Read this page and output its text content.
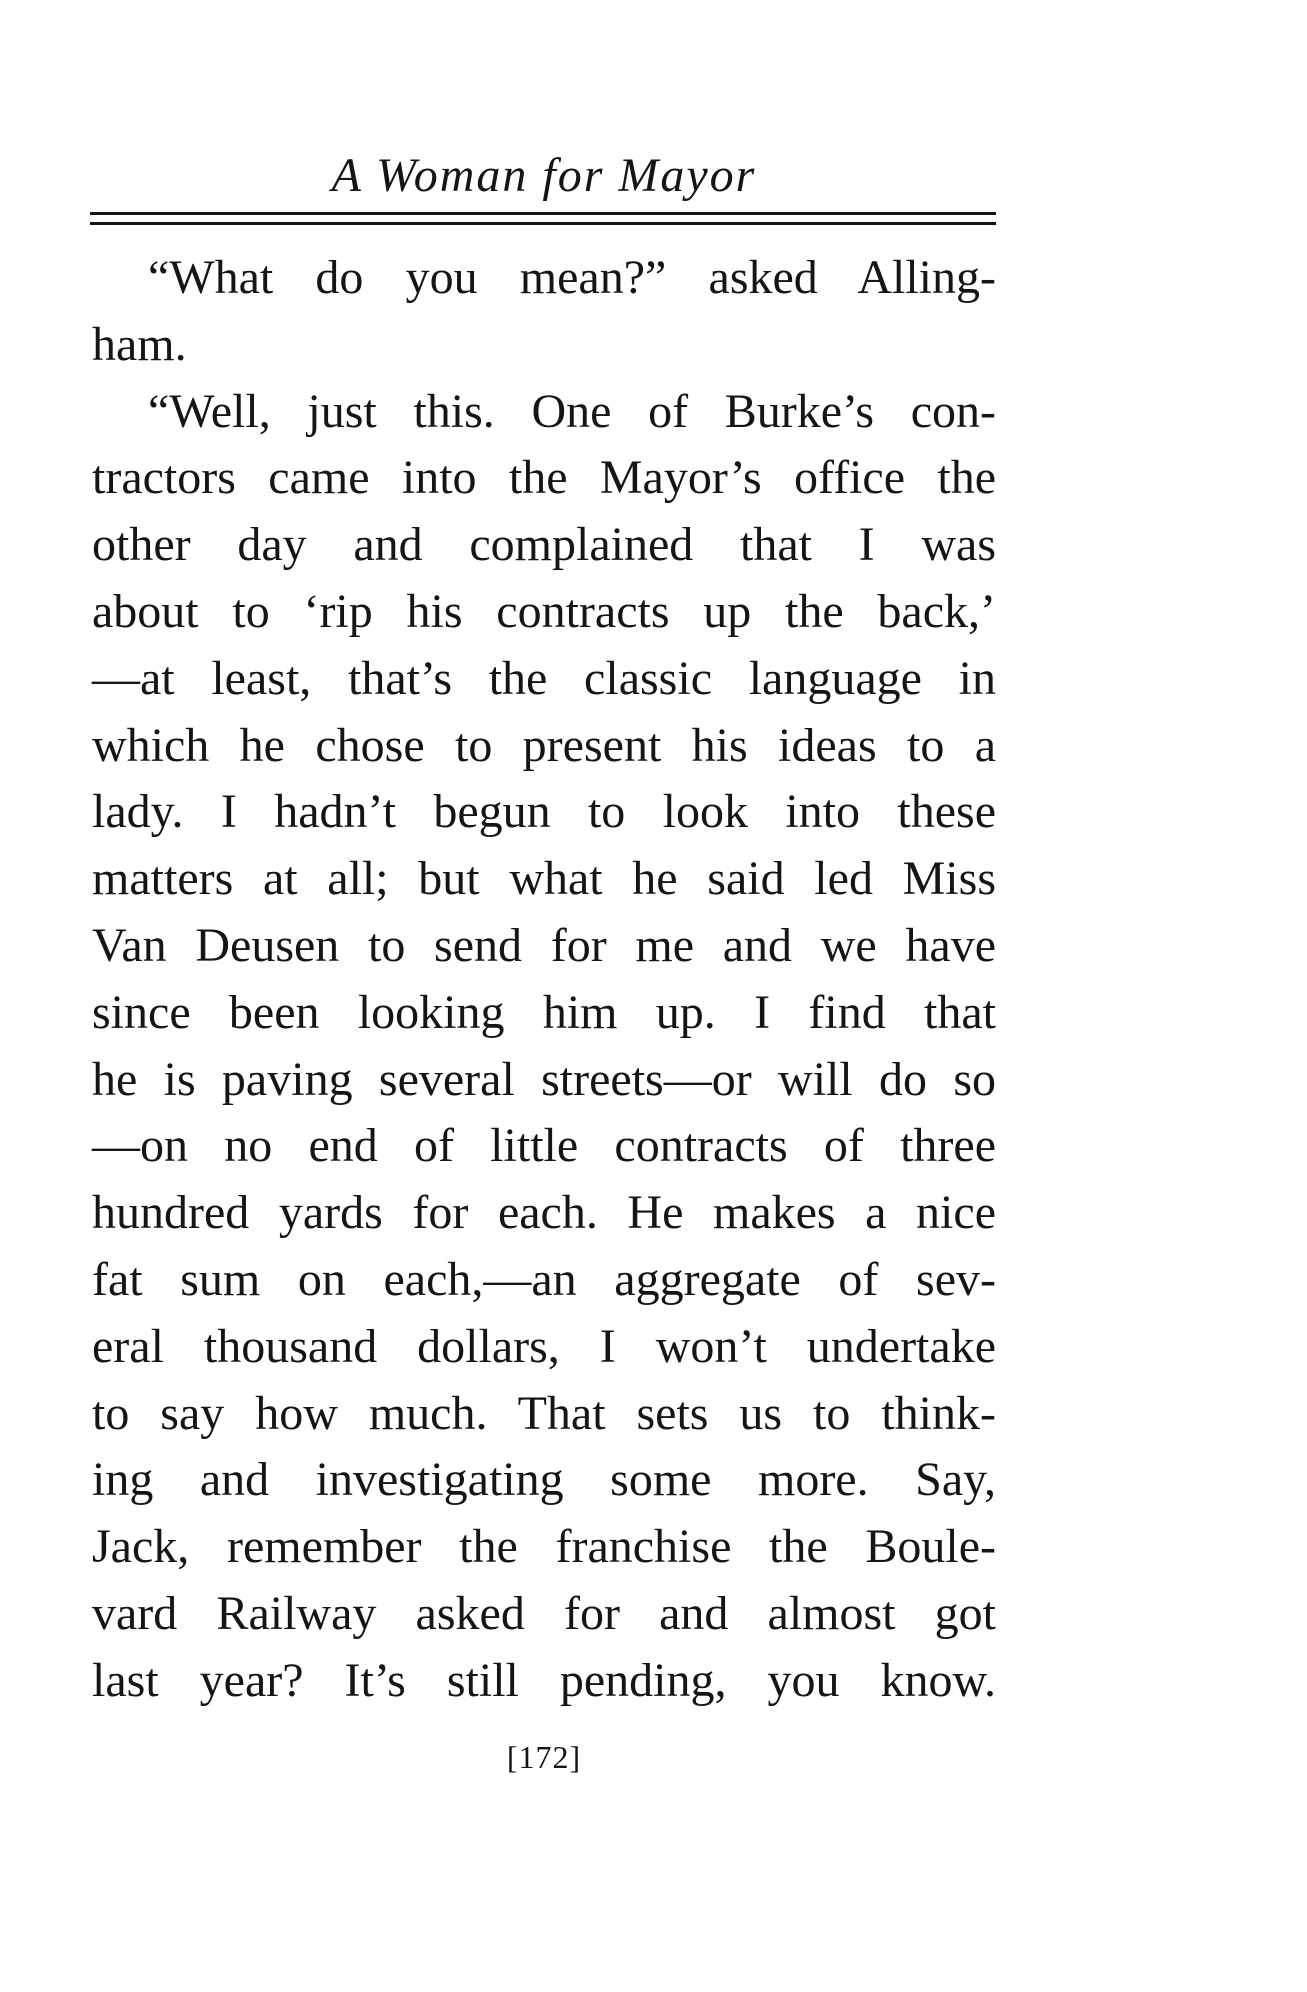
A Woman for Mayor
“What do you mean?” asked Alling-
ham.
“Well, just this. One of Burke’s con-
tractors came into the Mayor’s office the
other day and complained that I was
about to ‘rip his contracts up the back,’
—at least, that’s the classic language in
which he chose to present his ideas to a
lady. I hadn’t begun to look into these
matters at all; but what he said led Miss
Van Deusen to send for me and we have
since been looking him up. I find that
he is paving several streets—or will do so
—on no end of little contracts of three
hundred yards for each. He makes a nice
fat sum on each,—an aggregate of sev-
eral thousand dollars, I won’t undertake
to say how much. That sets us to think-
ing and investigating some more. Say,
Jack, remember the franchise the Boule-
vard Railway asked for and almost got
last year? It’s still pending, you know.
[172]
